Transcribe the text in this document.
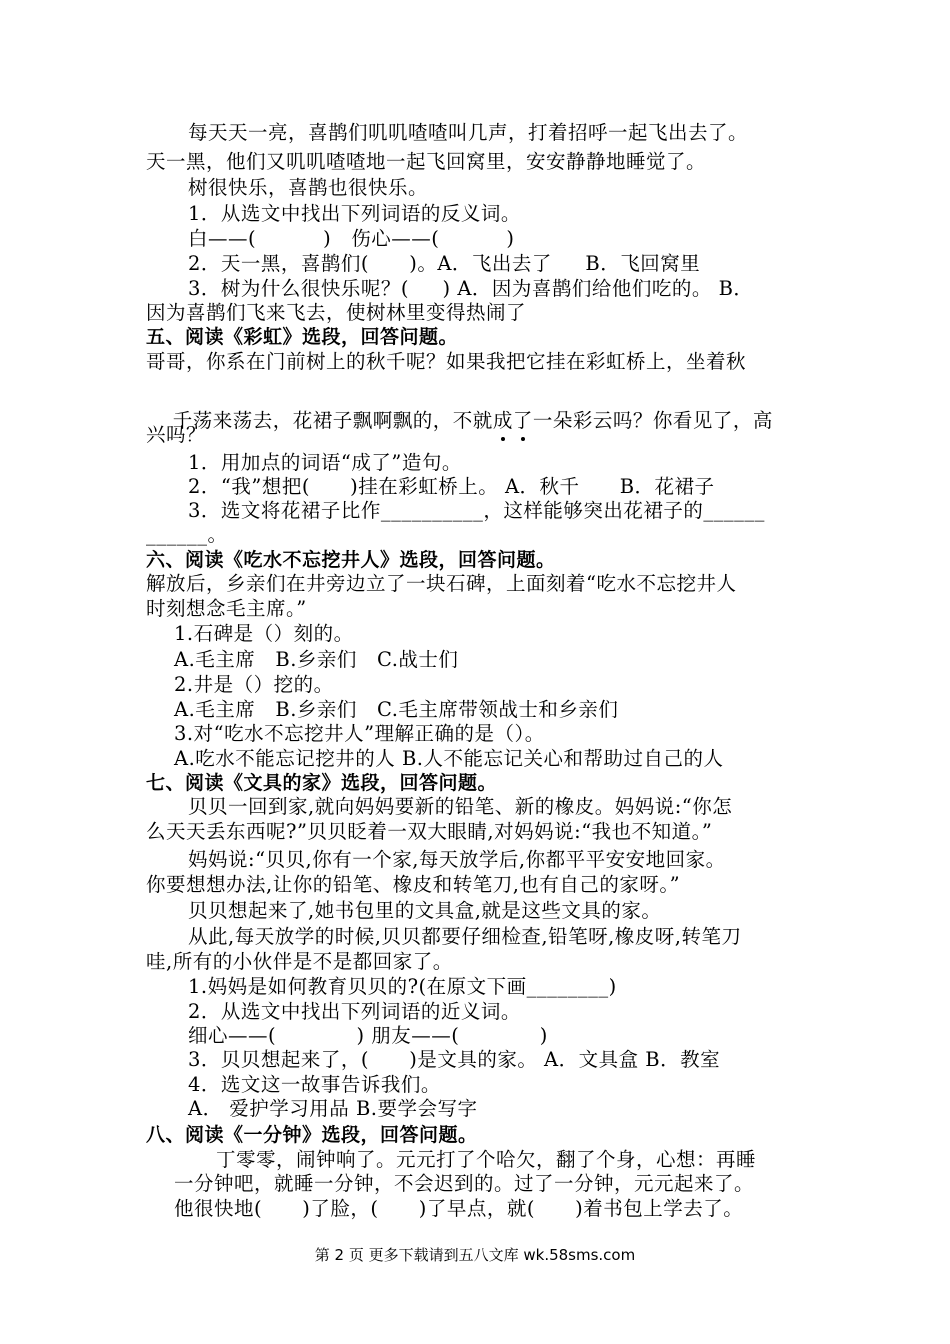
每天天一亮，喜鹊们叽叽喳喳叫几声，打着招呼一起飞出去了。
天一黑，他们又叽叽喳喳地一起飞回窝里，安安静静地睡觉了。
树很快乐，喜鹊也很快乐。
1．从选文中找出下列词语的反义词。
白——(          )   伤心——(          )
2．天一黑，喜鹊们(      )。A．飞出去了     B．飞回窝里
3．树为什么很快乐呢？(     ) A．因为喜鹊们给他们吃的。 B．
因为喜鹊们飞来飞去，使树林里变得热闹了
五、阅读《彩虹》选段，回答问题。
哥哥，你系在门前树上的秋千呢？如果我把它挂在彩虹桥上，坐着秋

千荡来荡去，花裙子飘啊飘的，不就成了一朵彩云吗？你看见了，高

兴吗？
1．用加点的词语“成了”造句。
2．“我”想把(      )挂在彩虹桥上。 A．秋千      B．花裙子
3．选文将花裙子比作__________，这样能够突出花裙子的______
______。
六、阅读《吃水不忘挖井人》选段，回答问题。
解放后，乡亲们在井旁边立了一块石碑，上面刻着“吃水不忘挖井人
时刻想念毛主席。”
1.石碑是（）刻的。
A.毛主席   B.乡亲们   C.战士们
2.井是（）挖的。
A.毛主席   B.乡亲们   C.毛主席带领战士和乡亲们
3.对“吃水不忘挖井人”理解正确的是（）。
A.吃水不能忘记挖井的人 B.人不能忘记关心和帮助过自己的人
七、阅读《文具的家》选段，回答问题。
贝贝一回到家,就向妈妈要新的铅笔、新的橡皮。妈妈说:“你怎
么天天丢东西呢?”贝贝眨着一双大眼睛,对妈妈说:“我也不知道。”
妈妈说:“贝贝,你有一个家,每天放学后,你都平平安安地回家。
你要想想办法,让你的铅笔、橡皮和转笔刀,也有自己的家呀。”
贝贝想起来了,她书包里的文具盒,就是这些文具的家。
从此,每天放学的时候,贝贝都要仔细检查,铅笔呀,橡皮呀,转笔刀
哇,所有的小伙伴是不是都回家了。
1.妈妈是如何教育贝贝的?(在原文下画________)
2．从选文中找出下列词语的近义词。
细心——(            ) 朋友——(            )
3．贝贝想起来了，(      )是文具的家。 A．文具盒 B．教室
4．选文这一故事告诉我们。
A． 爱护学习用品 B.要学会写字
八、阅读《一分钟》选段，回答问题。
丁零零，闹钟响了。元元打了个哈欠，翻了个身，心想：再睡
一分钟吧，就睡一分钟，不会迟到的。过了一分钟，元元起来了。
他很快地(      )了脸，(      )了早点，就(      )着书包上学去了。
第 2 页 更多下载请到五八文库 wk.58sms.com
